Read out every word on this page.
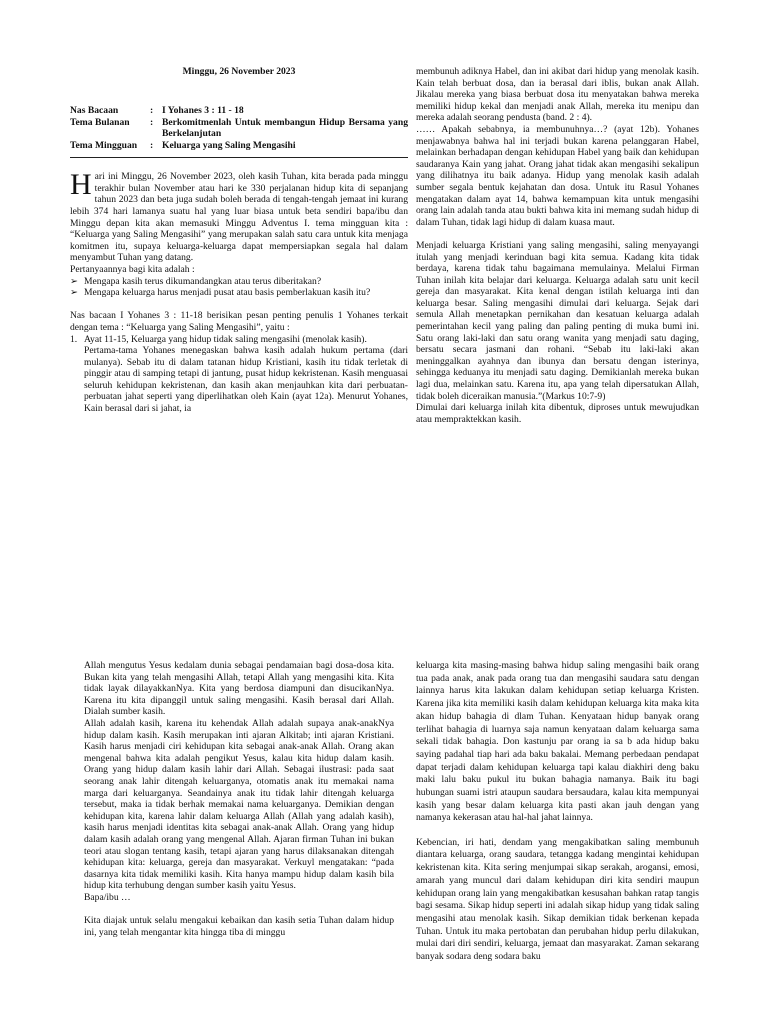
Minggu, 26 November 2023

Nas Bacaan	: I Yohanes 3 : 11 - 18
Tema Bulanan	: Berkomitmenlah Untuk membangun Hidup Bersama yang Berkelanjutan
Tema Mingguan	: Keluarga yang Saling Mengasihi

Hari ini Minggu, 26 November 2023, oleh kasih Tuhan, kita berada pada minggu terakhir bulan November atau hari ke 330 perjalanan hidup kita di sepanjang tahun 2023 dan beta juga sudah boleh berada di tengah-tengah jemaat ini kurang lebih 374 hari lamanya suatu hal yang luar biasa untuk beta sendiri bapa/ibu dan Minggu depan kita akan memasuki Minggu Adventus I. tema mingguan kita : “Keluarga yang Saling Mengasihi” yang merupakan salah satu cara untuk kita menjaga komitmen itu, supaya keluarga-keluarga dapat mempersiapkan segala hal dalam menyambut Tuhan yang datang.

Pertanyaannya bagi kita adalah :

➢ Mengapa kasih terus dikumandangkan atau terus diberitakan?
➢ Mengapa keluarga harus menjadi pusat atau basis pemberlakuan kasih itu?

Nas bacaan I Yohanes 3 : 11-18 berisikan pesan penting penulis 1 Yohanes terkait dengan tema : “Keluarga yang Saling Mengasihi”, yaitu :

1. Ayat 11-15, Keluarga yang hidup tidak saling mengasihi (menolak kasih).

Pertama-tama Yohanes menegaskan bahwa kasih adalah hukum pertama (dari mulanya). Sebab itu di dalam tatanan hidup Kristiani, kasih itu tidak terletak di pinggir atau di samping tetapi di jantung, pusat hidup kekristenan. Kasih menguasai seluruh kehidupan kekristenan, dan kasih akan menjauhkan kita dari perbuatan-perbuatan jahat seperti yang diperlihatkan oleh Kain (ayat 12a). Menurut Yohanes, Kain berasal dari si jahat, ia

membunuh adiknya Habel, dan ini akibat dari hidup yang menolak kasih. Kain telah berbuat dosa, dan ia berasal dari iblis, bukan anak Allah. Jikalau mereka yang biasa berbuat dosa itu menyatakan bahwa mereka memiliki hidup kekal dan menjadi anak Allah, mereka itu menipu dan mereka adalah seorang pendusta (band. 2 : 4).

…… Apakah sebabnya, ia membunuhnya…? (ayat 12b). Yohanes menjawabnya bahwa hal ini terjadi bukan karena pelanggaran Habel, melainkan berhadapan dengan kehidupan Habel yang baik dan kehidupan saudaranya Kain yang jahat. Orang jahat tidak akan mengasihi sekalipun yang dilihatnya itu baik adanya. Hidup yang menolak kasih adalah sumber segala bentuk kejahatan dan dosa. Untuk itu Rasul Yohanes mengatakan dalam ayat 14, bahwa kemampuan kita untuk mengasihi orang lain adalah tanda atau bukti bahwa kita ini memang sudah hidup di dalam Tuhan, tidak lagi hidup di dalam kuasa maut.

Menjadi keluarga Kristiani yang saling mengasihi, saling menyayangi itulah yang menjadi kerinduan bagi kita semua. Kadang kita tidak berdaya, karena tidak tahu bagaimana memulainya. Melalui Firman Tuhan inilah kita belajar dari keluarga. Keluarga adalah satu unit kecil gereja dan masyarakat. Kita kenal dengan istilah keluarga inti dan keluarga besar. Saling mengasihi dimulai dari keluarga. Sejak dari semula Allah menetapkan pernikahan dan kesatuan keluarga adalah pemerintahan kecil yang paling dan paling penting di muka bumi ini. Satu orang laki-laki dan satu orang wanita yang menjadi satu daging, bersatu secara jasmani dan rohani. “Sebab itu laki-laki akan meninggalkan ayahnya dan ibunya dan bersatu dengan isterinya, sehingga keduanya itu menjadi satu daging. Demikianlah mereka bukan lagi dua, melainkan satu. Karena itu, apa yang telah dipersatukan Allah, tidak boleh diceraikan manusia.”(Markus 10:7-9)

Dimulai dari keluarga inilah kita dibentuk, diproses untuk mewujudkan atau mempraktekkan kasih.

Allah mengutus Yesus kedalam dunia sebagai pendamaian bagi dosa-dosa kita. Bukan kita yang telah mengasihi Allah, tetapi Allah yang mengasihi kita. Kita tidak layak dilayakkanNya. Kita yang berdosa diampuni dan disucikanNya. Karena itu kita dipanggil untuk saling mengasihi. Kasih berasal dari Allah. Dialah sumber kasih.

Allah adalah kasih, karena itu kehendak Allah adalah supaya anak-anakNya hidup dalam kasih. Kasih merupakan inti ajaran Alkitab; inti ajaran Kristiani. Kasih harus menjadi ciri kehidupan kita sebagai anak-anak Allah. Orang akan mengenal bahwa kita adalah pengikut Yesus, kalau kita hidup dalam kasih. Orang yang hidup dalam kasih lahir dari Allah. Sebagai ilustrasi: pada saat seorang anak lahir ditengah keluarganya, otomatis anak itu memakai nama marga dari keluarganya. Seandainya anak itu tidak lahir ditengah keluarga tersebut, maka ia tidak berhak memakai nama keluarganya. Demikian dengan kehidupan kita, karena lahir dalam keluarga Allah (Allah yang adalah kasih), kasih harus menjadi identitas kita sebagai anak-anak Allah. Orang yang hidup dalam kasih adalah orang yang mengenal Allah. Ajaran firman Tuhan ini bukan teori atau slogan tentang kasih, tetapi ajaran yang harus dilaksanakan ditengah kehidupan kita: keluarga, gereja dan masyarakat. Verkuyl mengatakan: “pada dasarnya kita tidak memiliki kasih. Kita hanya mampu hidup dalam kasih bila hidup kita terhubung dengan sumber kasih yaitu Yesus.

Bapa/ibu …

Kita diajak untuk selalu mengakui kebaikan dan kasih setia Tuhan dalam hidup ini, yang telah mengantar kita hingga tiba di minggu

keluarga kita masing-masing bahwa hidup saling mengasihi baik orang tua pada anak, anak pada orang tua dan mengasihi saudara satu dengan lainnya harus kita lakukan dalam kehidupan setiap keluarga Kristen. Karena jika kita memiliki kasih dalam kehidupan keluarga kita maka kita akan hidup bahagia di dlam Tuhan. Kenyataan hidup banyak orang terlihat bahagia di luarnya saja namun kenyataan dalam keluarga sama sekali tidak bahagia. Don kastunju par orang ia sa b ada hidup baku saying padahal tiap hari ada baku bakalai. Memang perbedaan pendapat dapat terjadi dalam kehidupan keluarga tapi kalau diakhiri deng baku maki lalu baku pukul itu bukan bahagia namanya. Baik itu bagi hubungan suami istri ataupun saudara bersaudara, kalau kita mempunyai kasih yang besar dalam keluarga kita pasti akan jauh dengan yang namanya kekerasan atau hal-hal jahat lainnya.

Kebencian, iri hati, dendam yang mengakibatkan saling membunuh diantara keluarga, orang saudara, tetangga kadang mengintai kehidupan kekristenan kita. Kita sering menjumpai sikap serakah, arogansi, emosi, amarah yang muncul dari dalam kehidupan diri kita sendiri maupun kehidupan orang lain yang mengakibatkan kesusahan bahkan ratap tangis bagi sesama. Sikap hidup seperti ini adalah sikap hidup yang tidak saling mengasihi atau menolak kasih. Sikap demikian tidak berkenan kepada Tuhan. Untuk itu maka pertobatan dan perubahan hidup perlu dilakukan, mulai dari diri sendiri, keluarga, jemaat dan masyarakat. Zaman sekarang banyak sodara deng sodara baku
